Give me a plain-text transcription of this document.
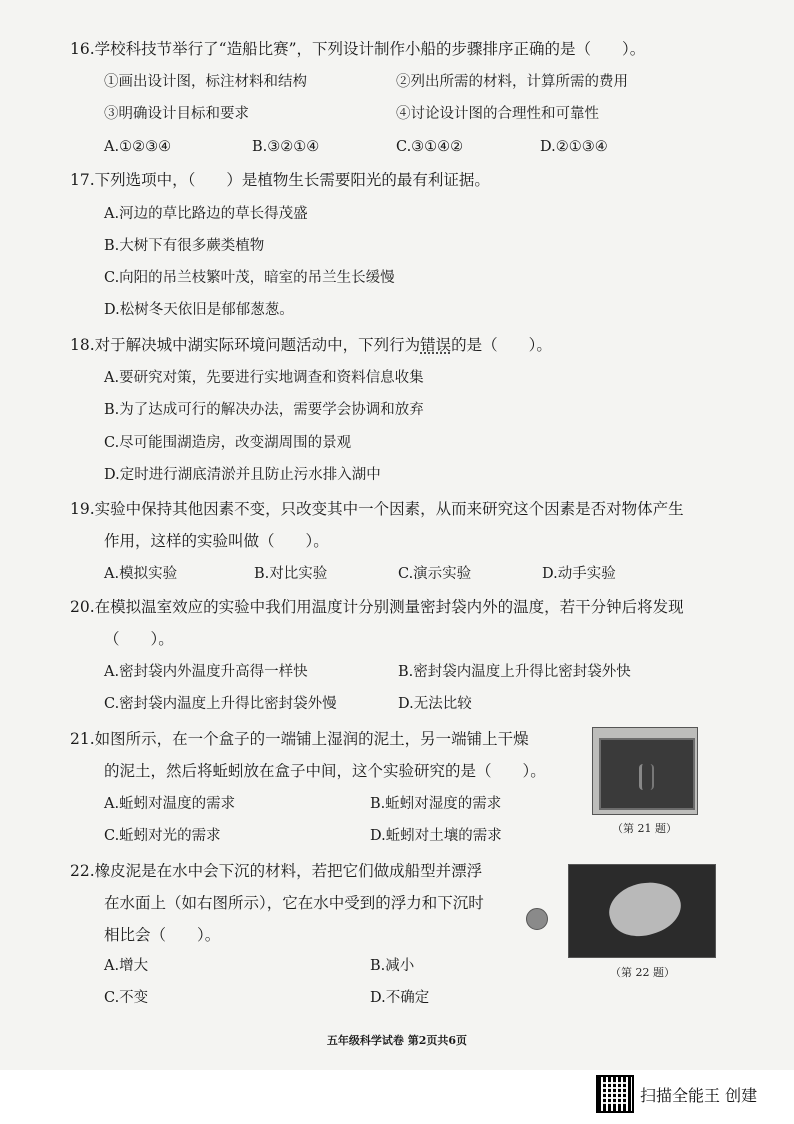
16.学校科技节举行了“造船比赛”，下列设计制作小船的步骤排序正确的是（　　）。
①画出设计图，标注材料和结构	②列出所需的材料，计算所需的费用
③明确设计目标和要求	④讨论设计图的合理性和可靠性
A.①②③④	B.③②①④	C.③①④②	D.②①③④
17.下列选项中，（　　）是植物生长需要阳光的最有利证据。
A.河边的草比路边的草长得茂盛
B.大树下有很多蕨类植物
C.向阳的吊兰枝繁叶茂，暗室的吊兰生长缓慢
D.松树冬天依旧是郁郁葱葱。
18.对于解决城中湖实际环境问题活动中，下列行为错误的是（　　）。
A.要研究对策，先要进行实地调查和资料信息收集
B.为了达成可行的解决办法，需要学会协调和放弃
C.尽可能围湖造房，改变湖周围的景观
D.定时进行湖底清淤并且防止污水排入湖中
19.实验中保持其他因素不变，只改变其中一个因素，从而来研究这个因素是否对物体产生
作用，这样的实验叫做（　　）。
A.模拟实验	B.对比实验	C.演示实验	D.动手实验
20.在模拟温室效应的实验中我们用温度计分别测量密封袋内外的温度，若干分钟后将发现
（　　）。
A.密封袋内外温度升高得一样快	B.密封袋内温度上升得比密封袋外快
C.密封袋内温度上升得比密封袋外慢	D.无法比较
21.如图所示，在一个盒子的一端铺上湿润的泥土，另一端铺上干燥
的泥土，然后将蚯蚓放在盒子中间，这个实验研究的是（　　）。
A.蚯蚓对温度的需求	B.蚯蚓对湿度的需求
C.蚯蚓对光的需求	D.蚯蚓对土壤的需求	（第 21 题）
22.橡皮泥是在水中会下沉的材料，若把它们做成船型并漂浮
在水面上（如右图所示），它在水中受到的浮力和下沉时
相比会（　　）。
A.增大	B.减小
C.不变	D.不确定
（第 22 题）
五年级科学试卷 第2页共6页
扫描全能王 创建
